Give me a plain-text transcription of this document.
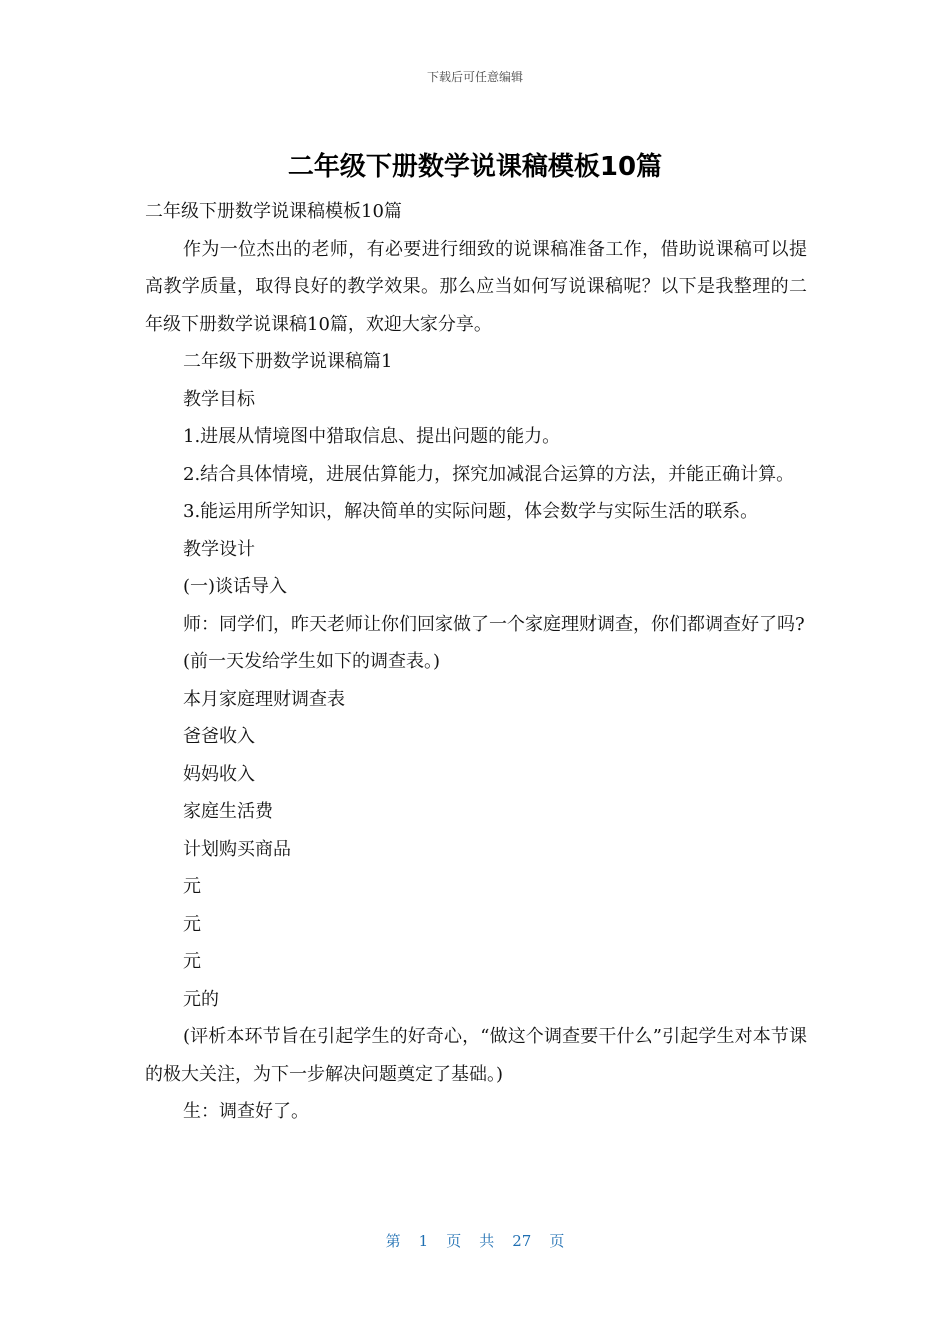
下载后可任意编辑
二年级下册数学说课稿模板10篇

二年级下册数学说课稿模板10篇

作为一位杰出的老师，有必要进行细致的说课稿准备工作，借助说课稿可以提高教学质量，取得良好的教学效果。那么应当如何写说课稿呢？以下是我整理的二年级下册数学说课稿10篇，欢迎大家分享。

二年级下册数学说课稿篇1

教学目标

1.进展从情境图中猎取信息、提出问题的能力。

2.结合具体情境，进展估算能力，探究加减混合运算的方法，并能正确计算。

3.能运用所学知识，解决简单的实际问题，体会数学与实际生活的联系。

教学设计

(一)谈话导入

师：同学们，昨天老师让你们回家做了一个家庭理财调查，你们都调查好了吗?

(前一天发给学生如下的调查表。)

本月家庭理财调查表

爸爸收入

妈妈收入

家庭生活费

计划购买商品

元

元

元

元的

(评析本环节旨在引起学生的好奇心，“做这个调查要干什么”引起学生对本节课的极大关注，为下一步解决问题奠定了基础。)

生：调查好了。

第 1 页 共 27 页
